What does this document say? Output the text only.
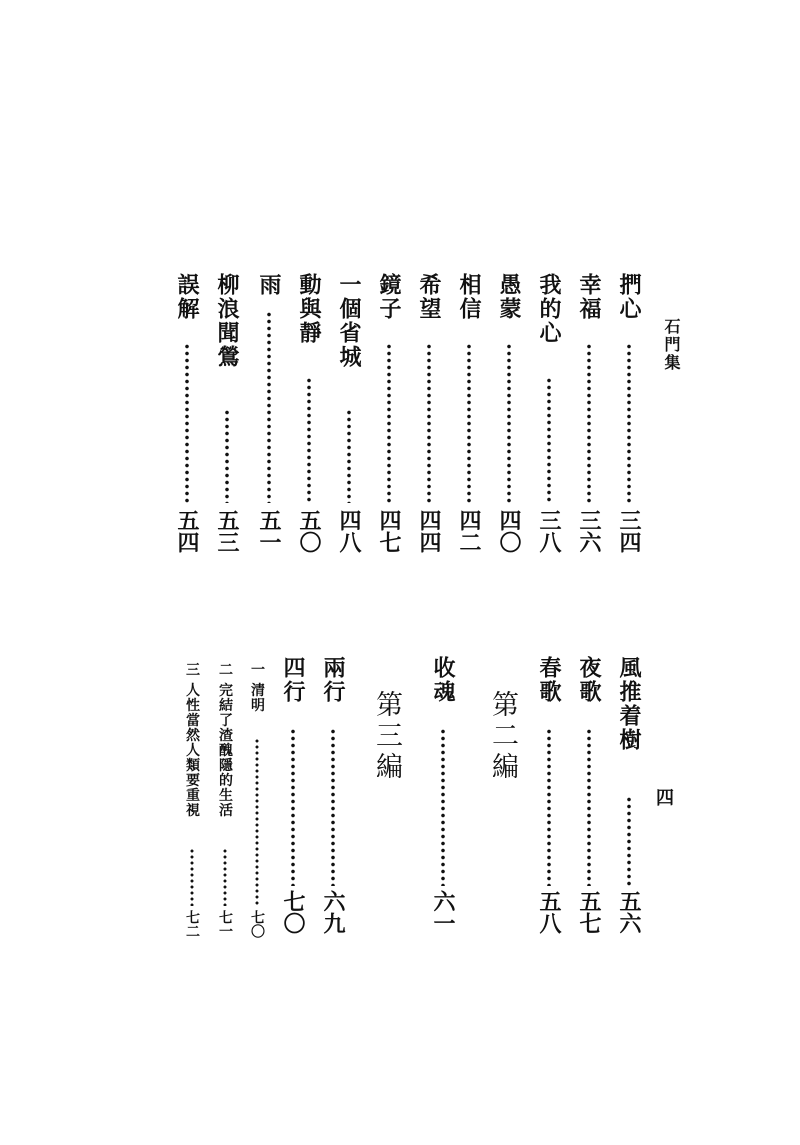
石門集
四
捫心
三四
幸福
三六
我的心
三八
愚蒙
四〇
相信
四二
希望
四四
鏡子
四七
一個省城
四八
動與靜
五〇
雨
五一
柳浪聞鶯
五三
誤解
五四
風推着樹
五六
夜歌
五七
春歌
五八
第二編
收魂
六一
第三編
兩行
六九
四行
七〇
一 清明
七〇
二 完結了渣醜隱的生活
七一
三 人性當然人類要重視
七二
